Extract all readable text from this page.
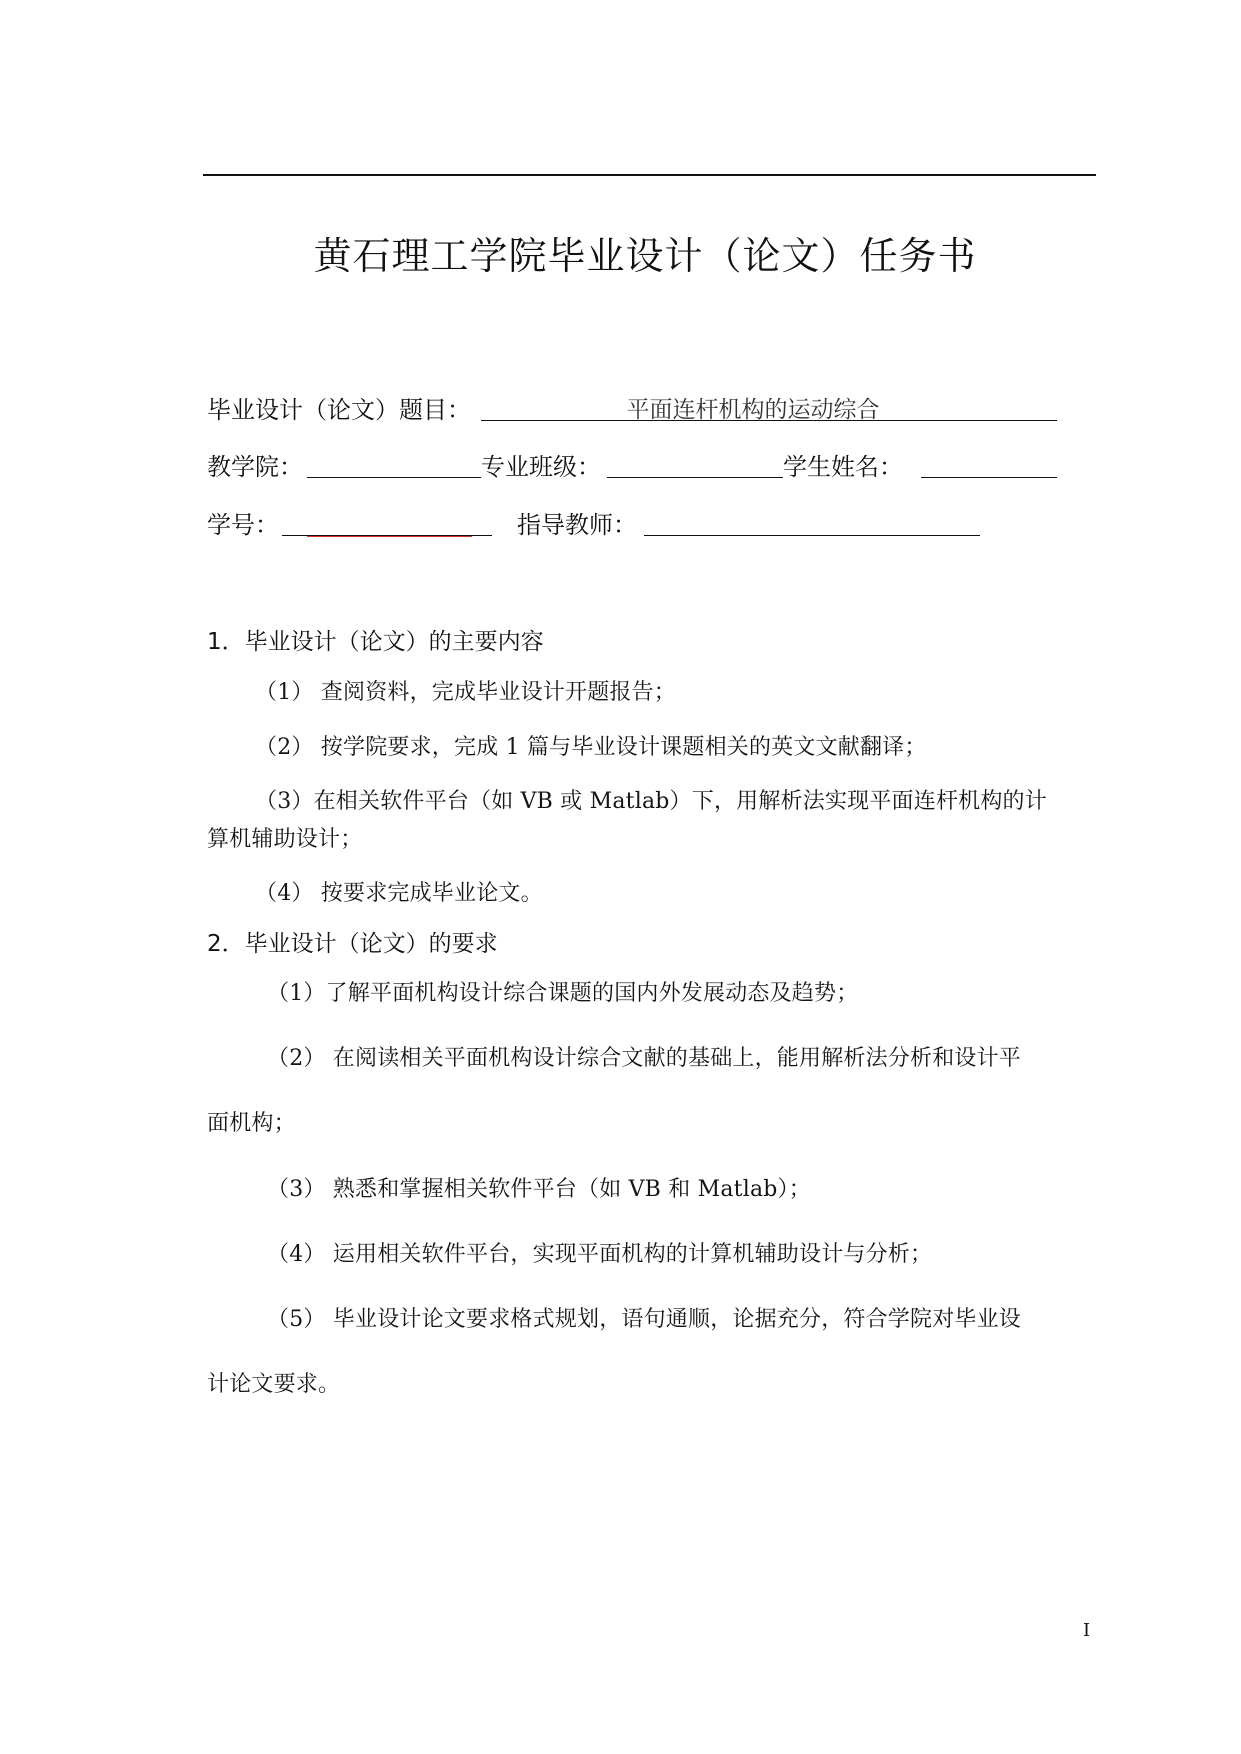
黄石理工学院毕业设计（论文）任务书
毕业设计（论文）题目：	平面连杆机构的运动综合
教学院：	专业班级：	学生姓名：
学号：	指导教师：
1．毕业设计（论文）的主要内容
（1） 查阅资料，完成毕业设计开题报告；
（2） 按学院要求，完成 1 篇与毕业设计课题相关的英文文献翻译；
（3）在相关软件平台（如 VB 或 Matlab）下，用解析法实现平面连杆机构的计
算机辅助设计；
（4） 按要求完成毕业论文。
2．毕业设计（论文）的要求
（1）了解平面机构设计综合课题的国内外发展动态及趋势；
（2） 在阅读相关平面机构设计综合文献的基础上，能用解析法分析和设计平
面机构；
（3） 熟悉和掌握相关软件平台（如 VB 和 Matlab）；
（4） 运用相关软件平台，实现平面机构的计算机辅助设计与分析；
（5） 毕业设计论文要求格式规划，语句通顺，论据充分，符合学院对毕业设
计论文要求。
I
